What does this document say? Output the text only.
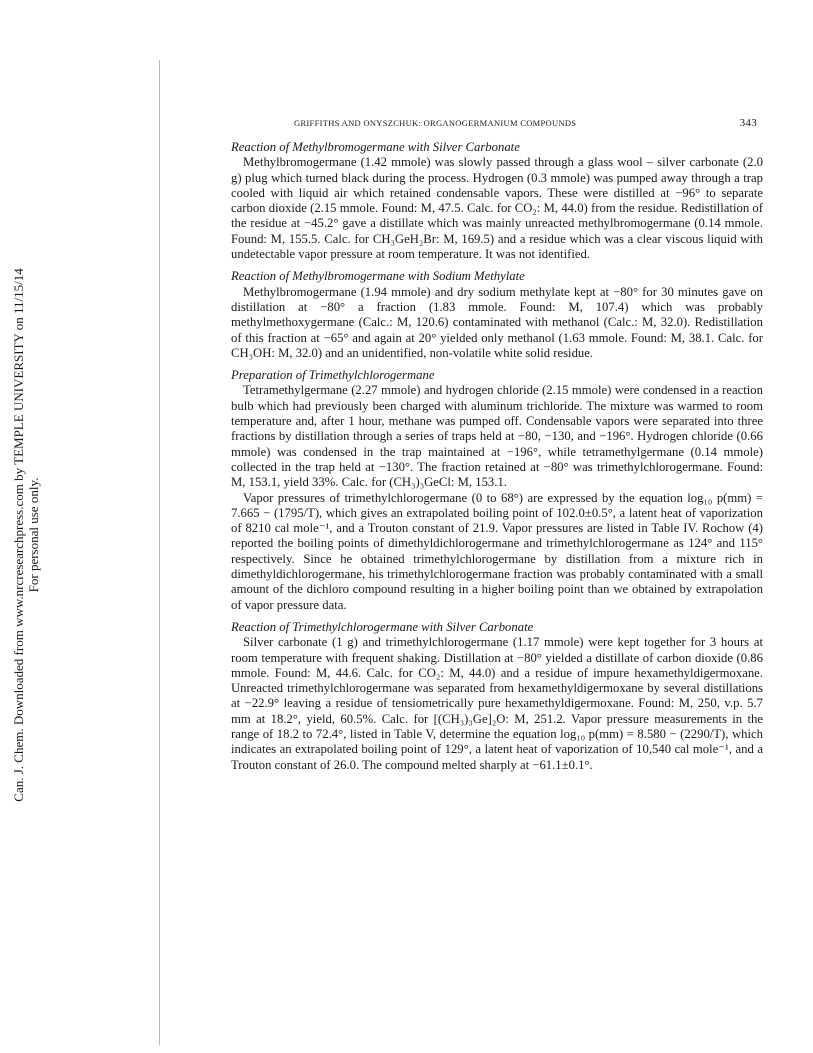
Can. J. Chem. Downloaded from www.nrcresearchpress.com by TEMPLE UNIVERSITY on 11/15/14 For personal use only.
GRIFFITHS AND ONYSZCHUK: ORGANOGERMANIUM COMPOUNDS	343
Reaction of Methylbromogermane with Silver Carbonate

Methylbromogermane (1.42 mmole) was slowly passed through a glass wool – silver carbonate (2.0 g) plug which turned black during the process. Hydrogen (0.3 mmole) was pumped away through a trap cooled with liquid air which retained condensable vapors. These were distilled at −96° to separate carbon dioxide (2.15 mmole. Found: M, 47.5. Calc. for CO₂: M, 44.0) from the residue. Redistillation of the residue at −45.2° gave a distillate which was mainly unreacted methylbromogermane (0.14 mmole. Found: M, 155.5. Calc. for CH₃GeH₂Br: M, 169.5) and a residue which was a clear viscous liquid with undetectable vapor pressure at room temperature. It was not identified.

Reaction of Methylbromogermane with Sodium Methylate

Methylbromogermane (1.94 mmole) and dry sodium methylate kept at −80° for 30 minutes gave on distillation at −80° a fraction (1.83 mmole. Found: M, 107.4) which was probably methylmethoxygermane (Calc.: M, 120.6) contaminated with methanol (Calc.: M, 32.0). Redistillation of this fraction at −65° and again at 20° yielded only methanol (1.63 mmole. Found: M, 38.1. Calc. for CH₃OH: M, 32.0) and an unidentified, non-volatile white solid residue.

Preparation of Trimethylchlorogermane

Tetramethylgermane (2.27 mmole) and hydrogen chloride (2.15 mmole) were condensed in a reaction bulb which had previously been charged with aluminum trichloride. The mixture was warmed to room temperature and, after 1 hour, methane was pumped off. Condensable vapors were separated into three fractions by distillation through a series of traps held at −80, −130, and −196°. Hydrogen chloride (0.66 mmole) was condensed in the trap maintained at −196°, while tetramethylgermane (0.14 mmole) collected in the trap held at −130°. The fraction retained at −80° was trimethylchlorogermane. Found: M, 153.1, yield 33%. Calc. for (CH₃)₃GeCl: M, 153.1.

Vapor pressures of trimethylchlorogermane (0 to 68°) are expressed by the equation log₁₀ p(mm) = 7.665 − (1795/T), which gives an extrapolated boiling point of 102.0±0.5°, a latent heat of vaporization of 8210 cal mole⁻¹, and a Trouton constant of 21.9. Vapor pressures are listed in Table IV. Rochow (4) reported the boiling points of dimethyldichlorogermane and trimethylchlorogermane as 124° and 115° respectively. Since he obtained trimethylchlorogermane by distillation from a mixture rich in dimethyldichlorogermane, his trimethylchlorogermane fraction was probably contaminated with a small amount of the dichloro compound resulting in a higher boiling point than we obtained by extrapolation of vapor pressure data.

Reaction of Trimethylchlorogermane with Silver Carbonate

Silver carbonate (1 g) and trimethylchlorogermane (1.17 mmole) were kept together for 3 hours at room temperature with frequent shaking. Distillation at −80° yielded a distillate of carbon dioxide (0.86 mmole. Found: M, 44.6. Calc. for CO₂: M, 44.0) and a residue of impure hexamethyldigermoxane. Unreacted trimethylchlorogermane was separated from hexamethyldigermoxane by several distillations at −22.9° leaving a residue of tensiometrically pure hexamethyldigermoxane. Found: M, 250, v.p. 5.7 mm at 18.2°, yield, 60.5%. Calc. for [(CH₃)₃Ge]₂O: M, 251.2. Vapor pressure measurements in the range of 18.2 to 72.4°, listed in Table V, determine the equation log₁₀ p(mm) = 8.580 − (2290/T), which indicates an extrapolated boiling point of 129°, a latent heat of vaporization of 10,540 cal mole⁻¹, and a Trouton constant of 26.0. The compound melted sharply at −61.1±0.1°.
